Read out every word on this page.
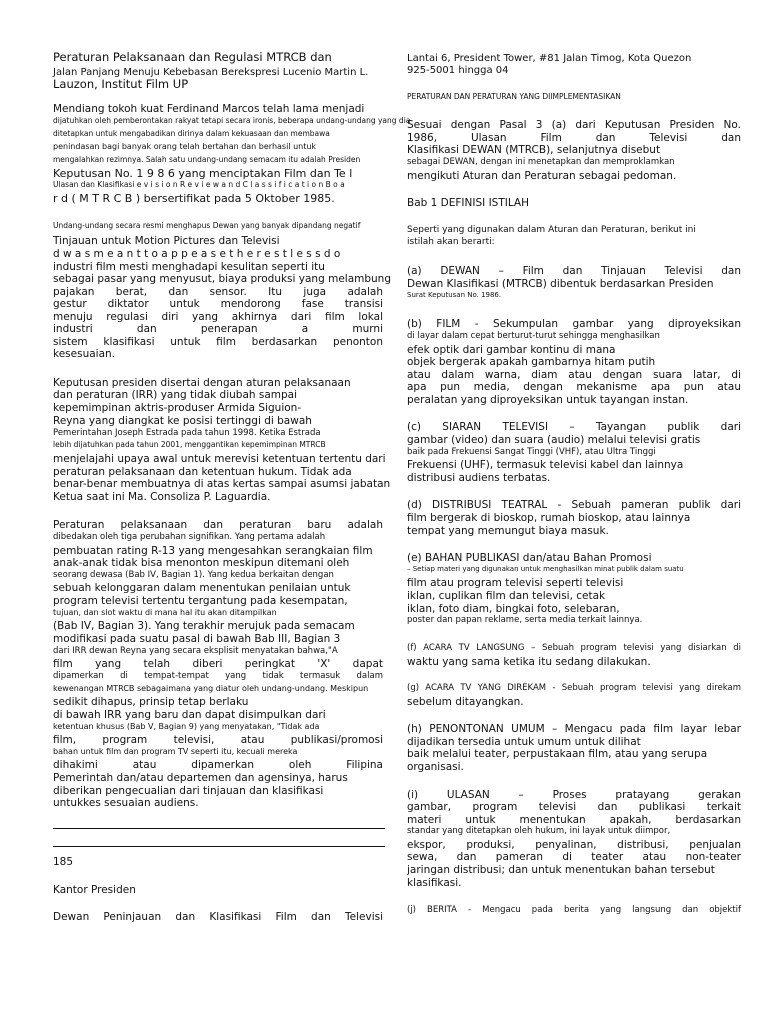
Peraturan Pelaksanaan dan Regulasi MTRCB dan
Jalan Panjang Menuju Kebebasan Berekspresi Lucenio Martin L.
Lauzon, Institut Film UP
Mendiang tokoh kuat Ferdinand Marcos telah lama menjadi
dijatuhkan oleh pemberontakan rakyat tetapi secara ironis, beberapa undang-undang yang dia
ditetapkan untuk mengabadikan dirinya dalam kekuasaan dan membawa
penindasan bagi banyak orang telah bertahan dan berhasil untuk
mengalahkan rezimnya. Salah satu undang-undang semacam itu adalah Presiden
Keputusan No. 1 9 8 6 yang menciptakan Film dan Te l
Ulasan dan Klasifikasi e v i s i o n R e v i e w a n d C l a s s i f i c a t i o n B o a
r d ( M T R C B ) bersertifikat pada 5 Oktober 1985.
Undang-undang secara resmi menghapus Dewan yang banyak dipandang negatif
Tinjauan untuk Motion Pictures dan Televisi
d w a s m e a n t t o a p p e a s e t h e r e s t l e s s d o
industri film mesti menghadapi kesulitan seperti itu
sebagai pasar yang menyusut, biaya produksi yang melambung
pajakan berat, dan sensor. Itu juga adalah
gestur diktator untuk mendorong fase transisi
menuju regulasi diri yang akhirnya dari film lokal
industri dan penerapan a murni
sistem klasifikasi untuk film berdasarkan penonton
kesesuaian.
Keputusan presiden disertai dengan aturan pelaksanaan
dan peraturan (IRR) yang tidak diubah sampai
kepemimpinan aktris-produser Armida Siguion-
Reyna yang diangkat ke posisi tertinggi di bawah
Pemerintahan Joseph Estrada pada tahun 1998. Ketika Estrada
lebih dijatuhkan pada tahun 2001, menggantikan kepemimpinan MTRCB
menjelajahi upaya awal untuk merevisi ketentuan tertentu dari
peraturan pelaksanaan dan ketentuan hukum. Tidak ada
benar-benar membuatnya di atas kertas sampai asumsi jabatan
Ketua saat ini Ma. Consoliza P. Laguardia.
Peraturan pelaksanaan dan peraturan baru adalah
dibedakan oleh tiga perubahan signifikan. Yang pertama adalah
pembuatan rating R-13 yang mengesahkan serangkaian film
anak-anak tidak bisa menonton meskipun ditemani oleh
seorang dewasa (Bab IV, Bagian 1). Yang kedua berkaitan dengan
sebuah kelonggaran dalam menentukan penilaian untuk
program televisi tertentu tergantung pada kesempatan,
tujuan, dan slot waktu di mana hal itu akan ditampilkan
(Bab IV, Bagian 3). Yang terakhir merujuk pada semacam
modifikasi pada suatu pasal di bawah Bab III, Bagian 3
dari IRR dewan Reyna yang secara eksplisit menyatakan bahwa,"A
film yang telah diberi peringkat 'X' dapat
dipamerkan di tempat-tempat yang tidak termasuk dalam
kewenangan MTRCB sebagaimana yang diatur oleh undang-undang. Meskipun
sedikit dihapus, prinsip tetap berlaku
di bawah IRR yang baru dan dapat disimpulkan dari
ketentuan khusus (Bab V, Bagian 9) yang menyatakan, "Tidak ada
film, program televisi, atau publikasi/promosi
bahan untuk film dan program TV seperti itu, kecuali mereka
dihakimi atau dipamerkan oleh Filipina
Pemerintah dan/atau departemen dan agensinya, harus
diberikan pengecualian dari tinjauan dan klasifikasi
untukkes sesuaian audiens.
185
Kantor Presiden
Dewan Peninjauan dan Klasifikasi Film dan Televisi
Lantai 6, President Tower, #81 Jalan Timog, Kota Quezon
925-5001 hingga 04
PERATURAN DAN PERATURAN YANG DIIMPLEMENTASIKAN
Sesuai dengan Pasal 3 (a) dari Keputusan Presiden No.
1986, Ulasan Film dan Televisi dan
Klasifikasi DEWAN (MTRCB), selanjutnya disebut
sebagai DEWAN, dengan ini menetapkan dan memproklamkan
mengikuti Aturan dan Peraturan sebagai pedoman.
Bab 1 DEFINISI ISTILAH
Seperti yang digunakan dalam Aturan dan Peraturan, berikut ini
istilah akan berarti:
(a) DEWAN – Film dan Tinjauan Televisi dan
Dewan Klasifikasi (MTRCB) dibentuk berdasarkan Presiden
Surat Keputusan No. 1986.
(b) FILM - Sekumpulan gambar yang diproyeksikan
di layar dalam cepat berturut-turut sehingga menghasilkan
efek optik dari gambar kontinu di mana
objek bergerak apakah gambarnya hitam putih
atau dalam warna, diam atau dengan suara latar, di
apa pun media, dengan mekanisme apa pun atau
peralatan yang diproyeksikan untuk tayangan instan.
(c) SIARAN TELEVISI – Tayangan publik dari
gambar (video) dan suara (audio) melalui televisi gratis
baik pada Frekuensi Sangat Tinggi (VHF), atau Ultra Tinggi
Frekuensi (UHF), termasuk televisi kabel dan lainnya
distribusi audiens terbatas.
(d) DISTRIBUSI TEATRAL - Sebuah pameran publik dari
film bergerak di bioskop, rumah bioskop, atau lainnya
tempat yang memungut biaya masuk.
(e) BAHAN PUBLIKASI dan/atau Bahan Promosi
– Setiap materi yang digunakan untuk menghasilkan minat publik dalam suatu
film atau program televisi seperti televisi
iklan, cuplikan film dan televisi, cetak
iklan, foto diam, bingkai foto, selebaran,
poster dan papan reklame, serta media terkait lainnya.
(f) ACARA TV LANGSUNG – Sebuah program televisi yang disiarkan di
waktu yang sama ketika itu sedang dilakukan.
(g) ACARA TV YANG DIREKAM - Sebuah program televisi yang direkam
sebelum ditayangkan.
(h) PENONTONAN UMUM – Mengacu pada film layar lebar
dijadikan tersedia untuk umum untuk dilihat
baik melalui teater, perpustakaan film, atau yang serupa
organisasi.
(i) ULASAN – Proses pratayang gerakan
gambar, program televisi dan publikasi terkait
materi untuk menentukan apakah, berdasarkan
standar yang ditetapkan oleh hukum, ini layak untuk diimpor,
ekspor, produksi, penyalinan, distribusi, penjualan
sewa, dan pameran di teater atau non-teater
jaringan distribusi; dan untuk menentukan bahan tersebut
klasifikasi.
(j) BERITA - Mengacu pada berita yang langsung dan objektif
